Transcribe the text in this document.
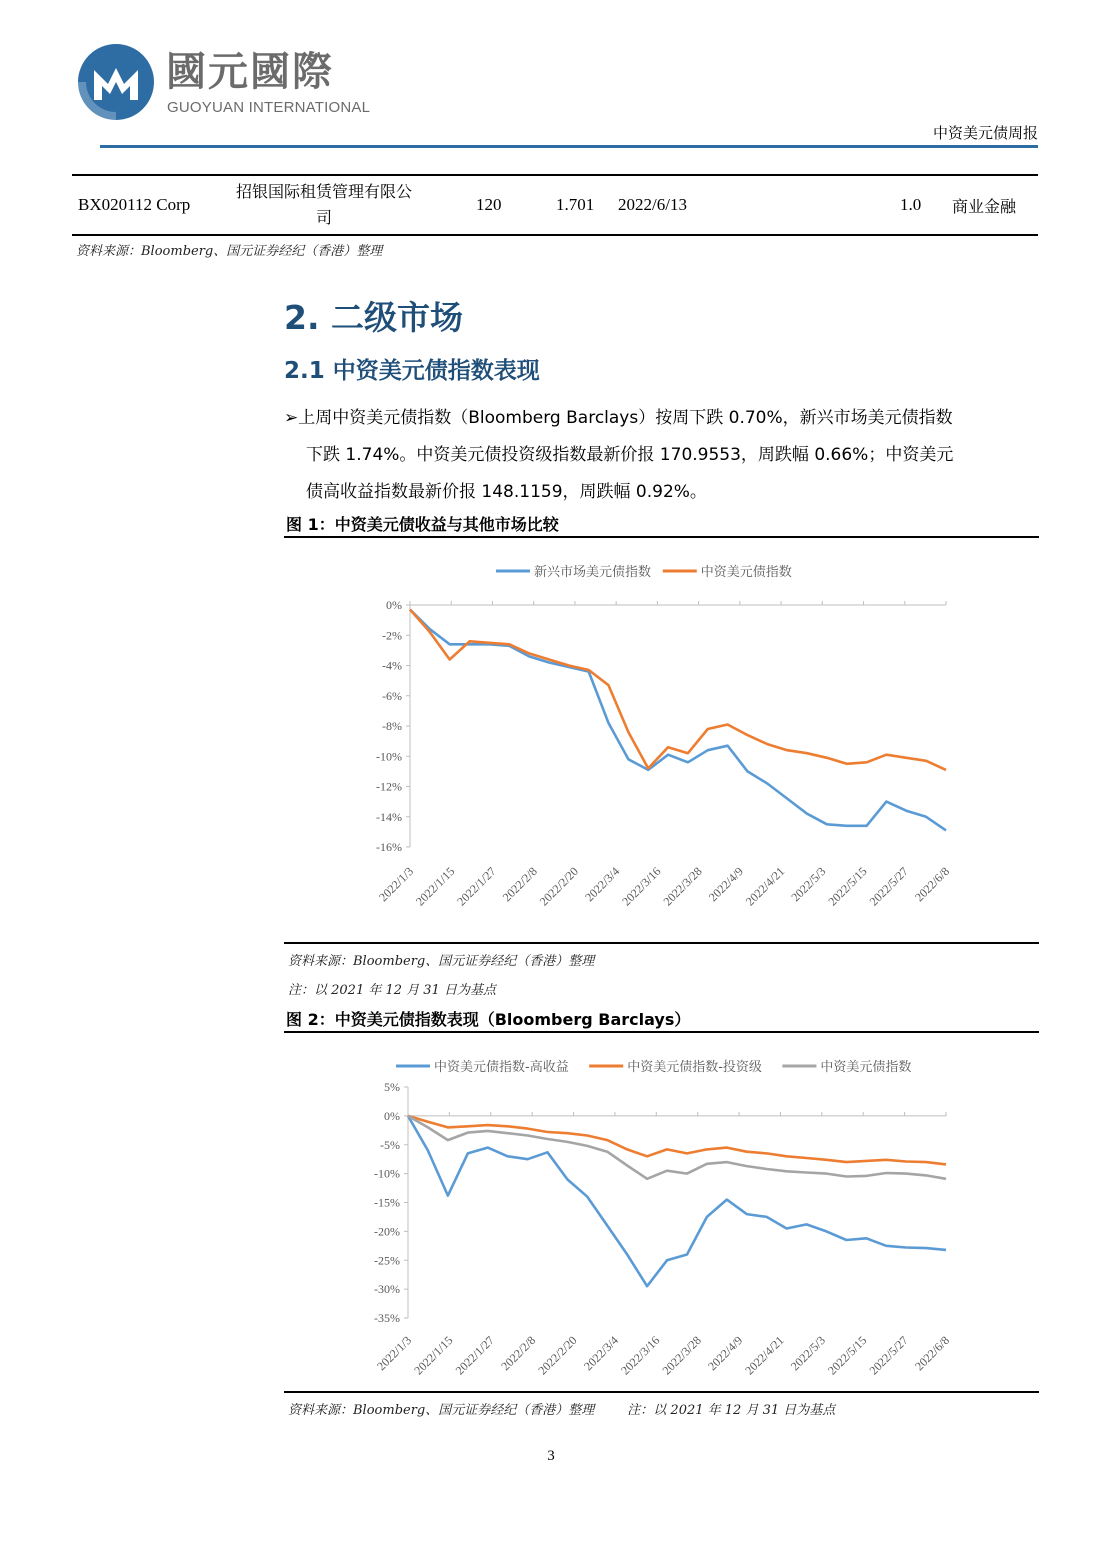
國元國際
GUOYUAN INTERNATIONAL
中资美元债周报
BX020112 Corp
招银国际租赁管理有限公
司
120	1.701 2022/6/13	1.0 商业金融
资料来源：Bloomberg、国元证券经纪（香港）整理
2. 二级市场
2.1 中资美元债指数表现
➢上周中资美元债指数（Bloomberg Barclays）按周下跌 0.70%，新兴市场美元债指数
下跌 1.74%。中资美元债投资级指数最新价报 170.9553，周跌幅 0.66%；中资美元
债高收益指数最新价报 148.1159，周跌幅 0.92%。
图 1：中资美元债收益与其他市场比较
0%
-2%
-4%
-6%
-8%
-10%
-12%
-14%
-16%
2022/1/3
2022/1/15
2022/1/27 2022/2/8
2022/2/20 2022/3/4
2022/3/16
2022/3/28 2022/4/9
2022/4/21 2022/5/3
2022/5/15
2022/5/27 2022/6/8
新兴市场美元债指数	中资美元债指数
资料来源：Bloomberg、国元证券经纪（香港）整理
注：以 2021 年 12 月 31 日为基点
图 2：中资美元债指数表现（Bloomberg Barclays）
5%
0%
-5%
-10%
-15%
-20%
-25%
-30%
-35%
2022/1/3
2022/1/15
2022/1/27 2022/2/8
2022/2/20 2022/3/4
2022/3/16
2022/3/28 2022/4/9
2022/4/21 2022/5/3
2022/5/15
2022/5/27 2022/6/8
中资美元债指数-高收益	中资美元债指数-投资级	中资美元债指数
资料来源：Bloomberg、国元证券经纪（香港）整理        注：以 2021 年 12 月 31 日为基点
3
